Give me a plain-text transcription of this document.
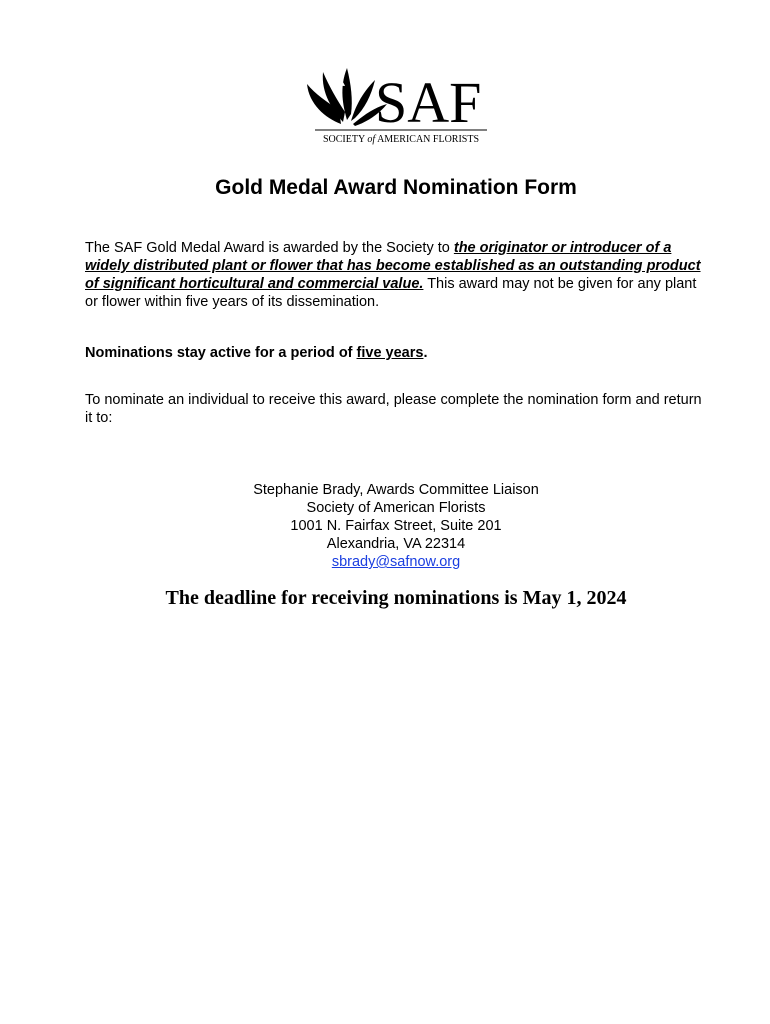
SAF
SOCIETY of AMERICAN FLORISTS
Gold Medal Award Nomination Form

The SAF Gold Medal Award is awarded by the Society to the originator or introducer of a widely distributed plant or flower that has become established as an outstanding product of significant horticultural and commercial value. This award may not be given for any plant or flower within five years of its dissemination.

Nominations stay active for a period of five years.

To nominate an individual to receive this award, please complete the nomination form and return it to:

Stephanie Brady, Awards Committee Liaison
Society of American Florists
1001 N. Fairfax Street, Suite 201
Alexandria, VA 22314
sbrady@safnow.org

The deadline for receiving nominations is May 1, 2024
